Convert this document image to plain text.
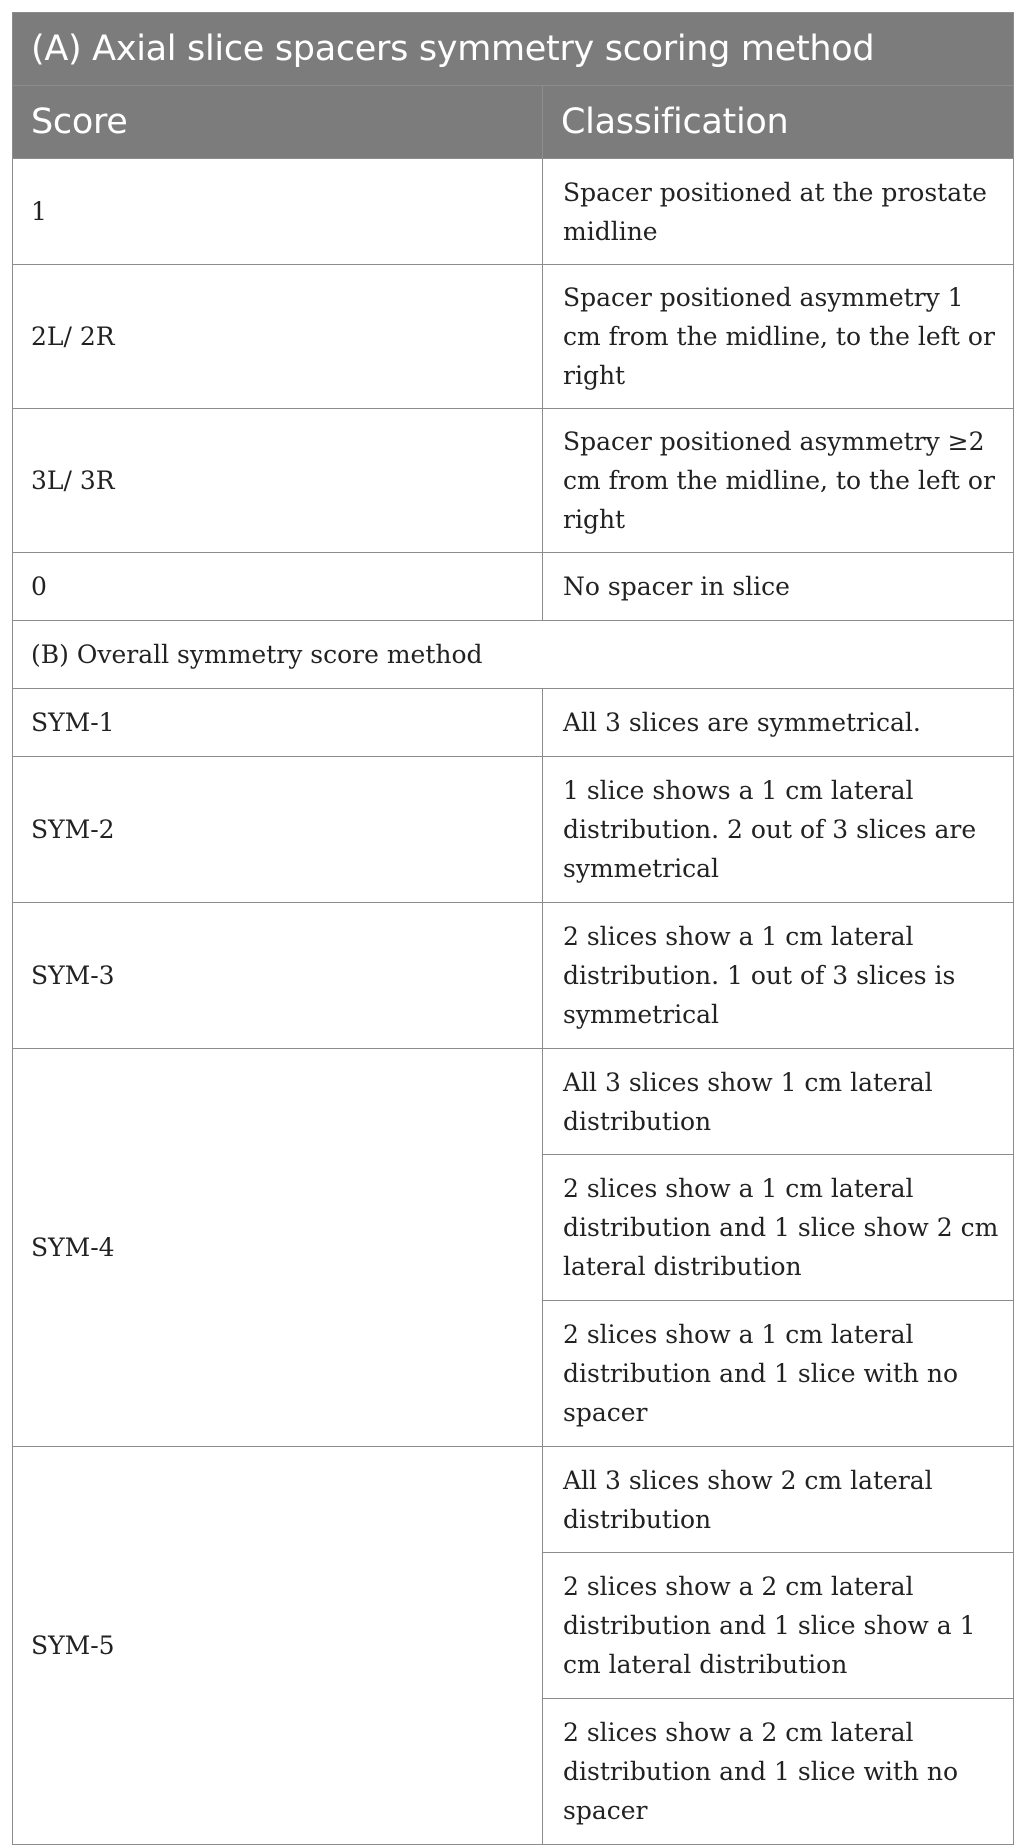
(A) Axial slice spacers symmetry scoring method	
Score	Classification
1	Spacer positioned at the prostate midline
2L/ 2R	Spacer positioned asymmetry 1 cm from the midline, to the left or right
3L/ 3R	Spacer positioned asymmetry ≥2 cm from the midline, to the left or right
0	No spacer in slice
(B) Overall symmetry score method	
SYM-1	All 3 slices are symmetrical.
SYM-2	1 slice shows a 1 cm lateral distribution. 2 out of 3 slices are symmetrical
SYM-3	2 slices show a 1 cm lateral distribution. 1 out of 3 slices is symmetrical
SYM-4	All 3 slices show 1 cm lateral distribution
	2 slices show a 1 cm lateral distribution and 1 slice show 2 cm lateral distribution
	2 slices show a 1 cm lateral distribution and 1 slice with no spacer
SYM-5	All 3 slices show 2 cm lateral distribution
	2 slices show a 2 cm lateral distribution and 1 slice show a 1 cm lateral distribution
	2 slices show a 2 cm lateral distribution and 1 slice with no spacer
